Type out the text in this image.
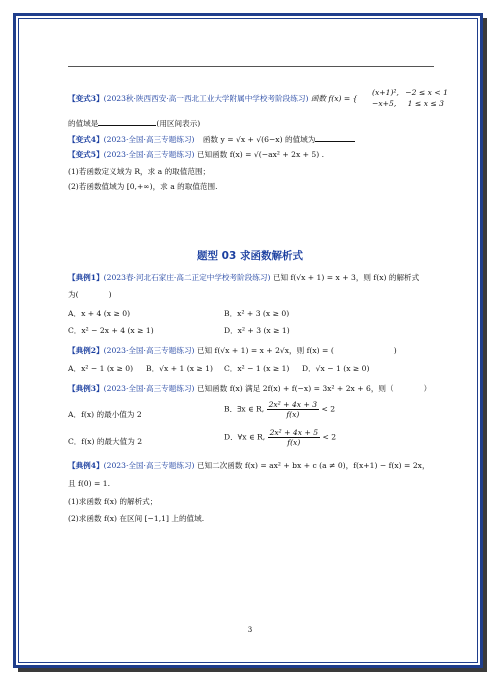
【变式3】(2023秋·陕西西安·高一西北工业大学附属中学校考阶段练习) 函数 f(x) = {
(x+1)², −2 ≤ x < 1
−x+5, 1 ≤ x ≤ 3
的值域是	(用区间表示)
【变式4】(2023·全国·高三专题练习) 函数 y = √x + √(6−x) 的值域为
【变式5】(2023·全国·高三专题练习) 已知函数 f(x) = √(−ax² + 2x + 5) .
(1)若函数定义域为 R，求 a 的取值范围；
(2)若函数值域为 [0,+∞)，求 a 的取值范围.
题型 03 求函数解析式
【典例1】(2023春·河北石家庄·高二正定中学校考阶段练习) 已知 f(√x + 1) = x + 3，则 f(x) 的解析式
为(	)
A．x + 4 (x ≥ 0)	B．x² + 3 (x ≥ 0)
C．x² − 2x + 4 (x ≥ 1)	D．x² + 3 (x ≥ 1)
【典例2】(2023·全国·高三专题练习) 已知 f(√x + 1) = x + 2√x，则 f(x) = (	)
A．x² − 1 (x ≥ 0) B．√x + 1 (x ≥ 1) C．x² − 1 (x ≥ 1) D．√x − 1 (x ≥ 0)
【典例3】(2023·全国·高三专题练习) 已知函数 f(x) 满足 2f(x) + f(−x) = 3x² + 2x + 6，则（	）
A．f(x) 的最小值为 2
B．∃x ∈ R, $\frac{\text{2x² + 4x + 3}}{f(x)} < 2$
C．f(x) 的最大值为 2	D．∀x ∈ R, $\frac{\text{2x² + 4x + 5}}{f(x)} < 2$
【典例4】(2023·全国·高三专题练习) 已知二次函数 f(x) = ax² + bx + c (a ≠ 0)，f(x+1) − f(x) = 2x，
且 f(0) = 1.
(1)求函数 f(x) 的解析式；
(2)求函数 f(x) 在区间 [−1,1] 上的值域.
3
